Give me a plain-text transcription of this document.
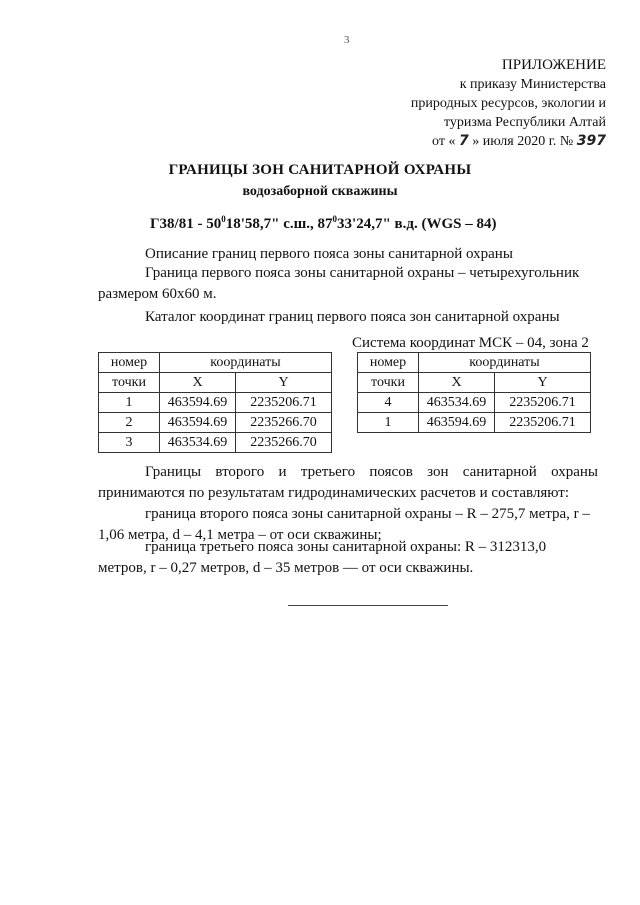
3
ПРИЛОЖЕНИЕ
к приказу Министерства
природных ресурсов, экологии и
туризма Республики Алтай
от « 7 » июля 2020 г. № 397
ГРАНИЦЫ ЗОН САНИТАРНОЙ ОХРАНЫ
водозаборной скважины
$Г38/81 - 50^018'58,7$" с.ш., $87^033'24,7$" в.д. (WGS – 84)
Описание границ первого пояса зоны санитарной охраны
Граница первого пояса зоны санитарной охраны – четырехугольник размером 60х60 м.
Каталог координат границ первого пояса зон санитарной охраны
Система координат МСК – 04, зона 2
номер	координаты	
точки	X	Y
1	463594.69	2235206.71
2	463594.69	2235266.70
3	463534.69	2235266.70
номер	координаты	
точки	X	Y
4	463534.69	2235206.71
1	463594.69	2235206.71
Границы второго и третьего поясов зон санитарной охраны принимаются по результатам гидродинамических расчетов и составляют:
граница второго пояса зоны санитарной охраны – R – 275,7 метра, r – 1,06 метра, d – 4,1 метра – от оси скважины;
граница третьего пояса зоны санитарной охраны: R – 312313,0 метров, r – 0,27 метров, d – 35 метров — от оси скважины.
